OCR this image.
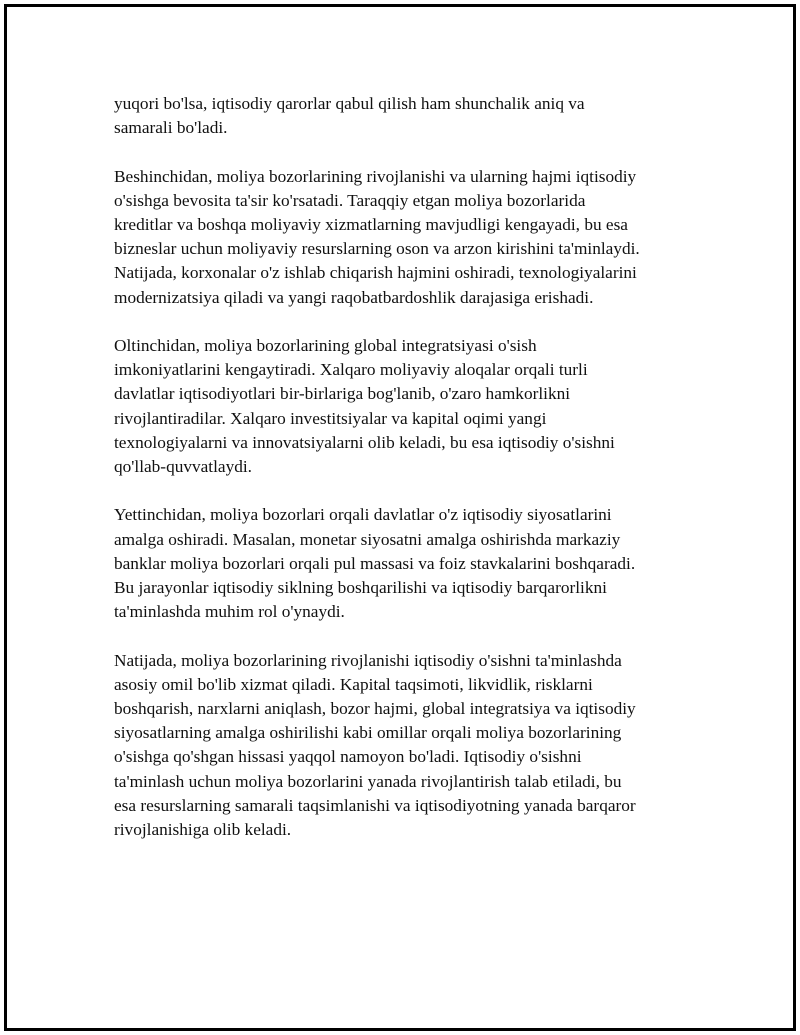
yuqori bo'lsa, iqtisodiy qarorlar qabul qilish ham shunchalik aniq va
samarali bo'ladi.

Beshinchidan, moliya bozorlarining rivojlanishi va ularning hajmi iqtisodiy
o'sishga bevosita ta'sir ko'rsatadi. Taraqqiy etgan moliya bozorlarida
kreditlar va boshqa moliyaviy xizmatlarning mavjudligi kengayadi, bu esa
bizneslar uchun moliyaviy resurslarning oson va arzon kirishini ta'minlaydi.
Natijada, korxonalar o'z ishlab chiqarish hajmini oshiradi, texnologiyalarini
modernizatsiya qiladi va yangi raqobatbardoshlik darajasiga erishadi.

Oltinchidan, moliya bozorlarining global integratsiyasi o'sish
imkoniyatlarini kengaytiradi. Xalqaro moliyaviy aloqalar orqali turli
davlatlar iqtisodiyotlari bir-birlariga bog'lanib, o'zaro hamkorlikni
rivojlantiradilar. Xalqaro investitsiyalar va kapital oqimi yangi
texnologiyalarni va innovatsiyalarni olib keladi, bu esa iqtisodiy o'sishni
qo'llab-quvvatlaydi.

Yettinchidan, moliya bozorlari orqali davlatlar o'z iqtisodiy siyosatlarini
amalga oshiradi. Masalan, monetar siyosatni amalga oshirishda markaziy
banklar moliya bozorlari orqali pul massasi va foiz stavkalarini boshqaradi.
Bu jarayonlar iqtisodiy siklning boshqarilishi va iqtisodiy barqarorlikni
ta'minlashda muhim rol o'ynaydi.

Natijada, moliya bozorlarining rivojlanishi iqtisodiy o'sishni ta'minlashda
asosiy omil bo'lib xizmat qiladi. Kapital taqsimoti, likvidlik, risklarni
boshqarish, narxlarni aniqlash, bozor hajmi, global integratsiya va iqtisodiy
siyosatlarning amalga oshirilishi kabi omillar orqali moliya bozorlarining
o'sishga qo'shgan hissasi yaqqol namoyon bo'ladi. Iqtisodiy o'sishni
ta'minlash uchun moliya bozorlarini yanada rivojlantirish talab etiladi, bu
esa resurslarning samarali taqsimlanishi va iqtisodiyotning yanada barqaror
rivojlanishiga olib keladi.
